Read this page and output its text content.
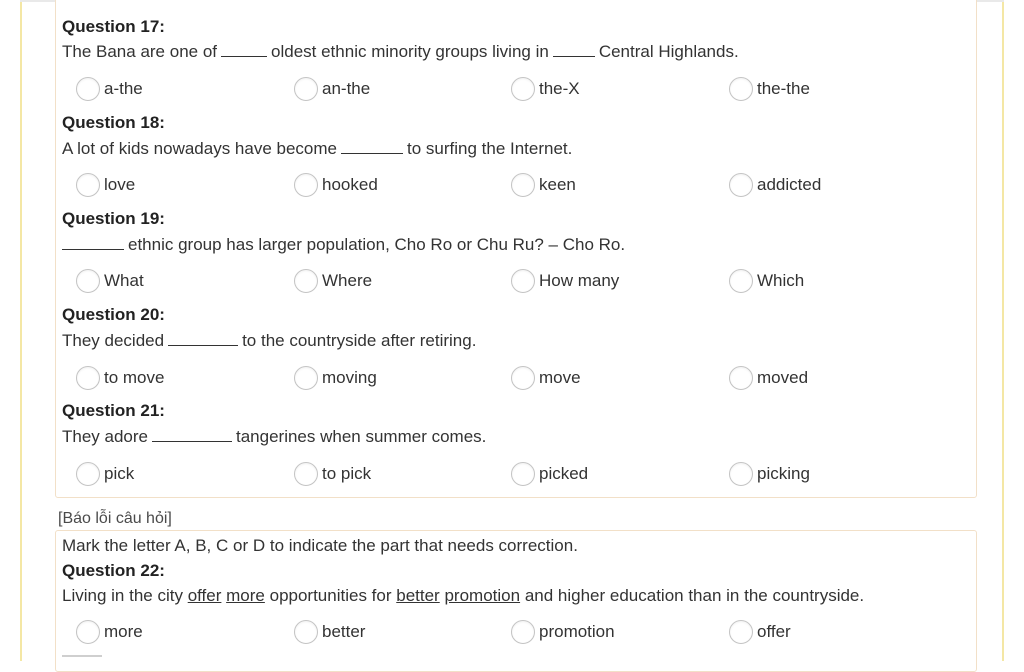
Question 17:
The Bana are one of	oldest ethnic minority groups living in	Central Highlands.
a-the	an-the	the-X	the-the
Question 18:
A lot of kids nowadays have become	to surfing the Internet.
love	hooked	keen	addicted
Question 19:
ethnic group has larger population, Cho Ro or Chu Ru? – Cho Ro.
What	Where	How many	Which
Question 20:
They decided	to the countryside after retiring.
to move	moving	move	moved
Question 21:
They adore	tangerines when summer comes.
pick	to pick	picked	picking
[Báo lỗi câu hỏi]
Mark the letter A, B, C or D to indicate the part that needs correction.
Question 22:
Living in the city offer more opportunities for better promotion and higher education than in the countryside.
more	better	promotion	offer
